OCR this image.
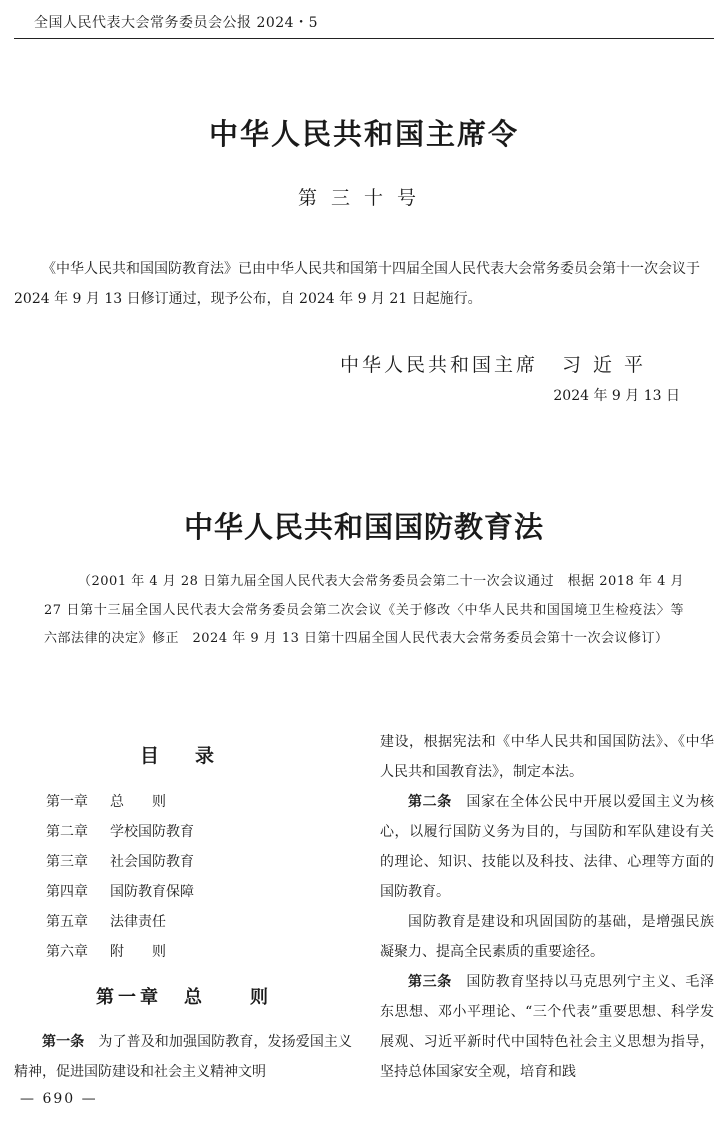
全国人民代表大会常务委员会公报 2024・5
中华人民共和国主席令
第三十号
《中华人民共和国国防教育法》已由中华人民共和国第十四届全国人民代表大会常务委员会第十一次会议于 2024 年 9 月 13 日修订通过，现予公布，自 2024 年 9 月 21 日起施行。
中华人民共和国主席 习近平
2024 年 9 月 13 日
中华人民共和国国防教育法
（2001 年 4 月 28 日第九届全国人民代表大会常务委员会第二十一次会议通过　根据 2018 年 4 月 27 日第十三届全国人民代表大会常务委员会第二次会议《关于修改〈中华人民共和国国境卫生检疫法〉等六部法律的决定》修正　2024 年 9 月 13 日第十四届全国人民代表大会常务委员会第十一次会议修订）
目录
第一章 总　　则
第二章 学校国防教育
第三章 社会国防教育
第四章 国防教育保障
第五章 法律责任
第六章 附　　则
第一章　总　　则
第一条　 为了普及和加强国防教育，发扬爱国主义精神，促进国防建设和社会主义精神文明

建设，根据宪法和《中华人民共和国国防法》、《中华人民共和国教育法》，制定本法。

第二条　 国家在全体公民中开展以爱国主义为核心，以履行国防义务为目的，与国防和军队建设有关的理论、知识、技能以及科技、法律、心理等方面的国防教育。

国防教育是建设和巩固国防的基础，是增强民族凝聚力、提高全民素质的重要途径。

第三条　 国防教育坚持以马克思列宁主义、毛泽东思想、邓小平理论、“三个代表”重要思想、科学发展观、习近平新时代中国特色社会主义思想为指导，坚持总体国家安全观，培育和践

— 690 —
